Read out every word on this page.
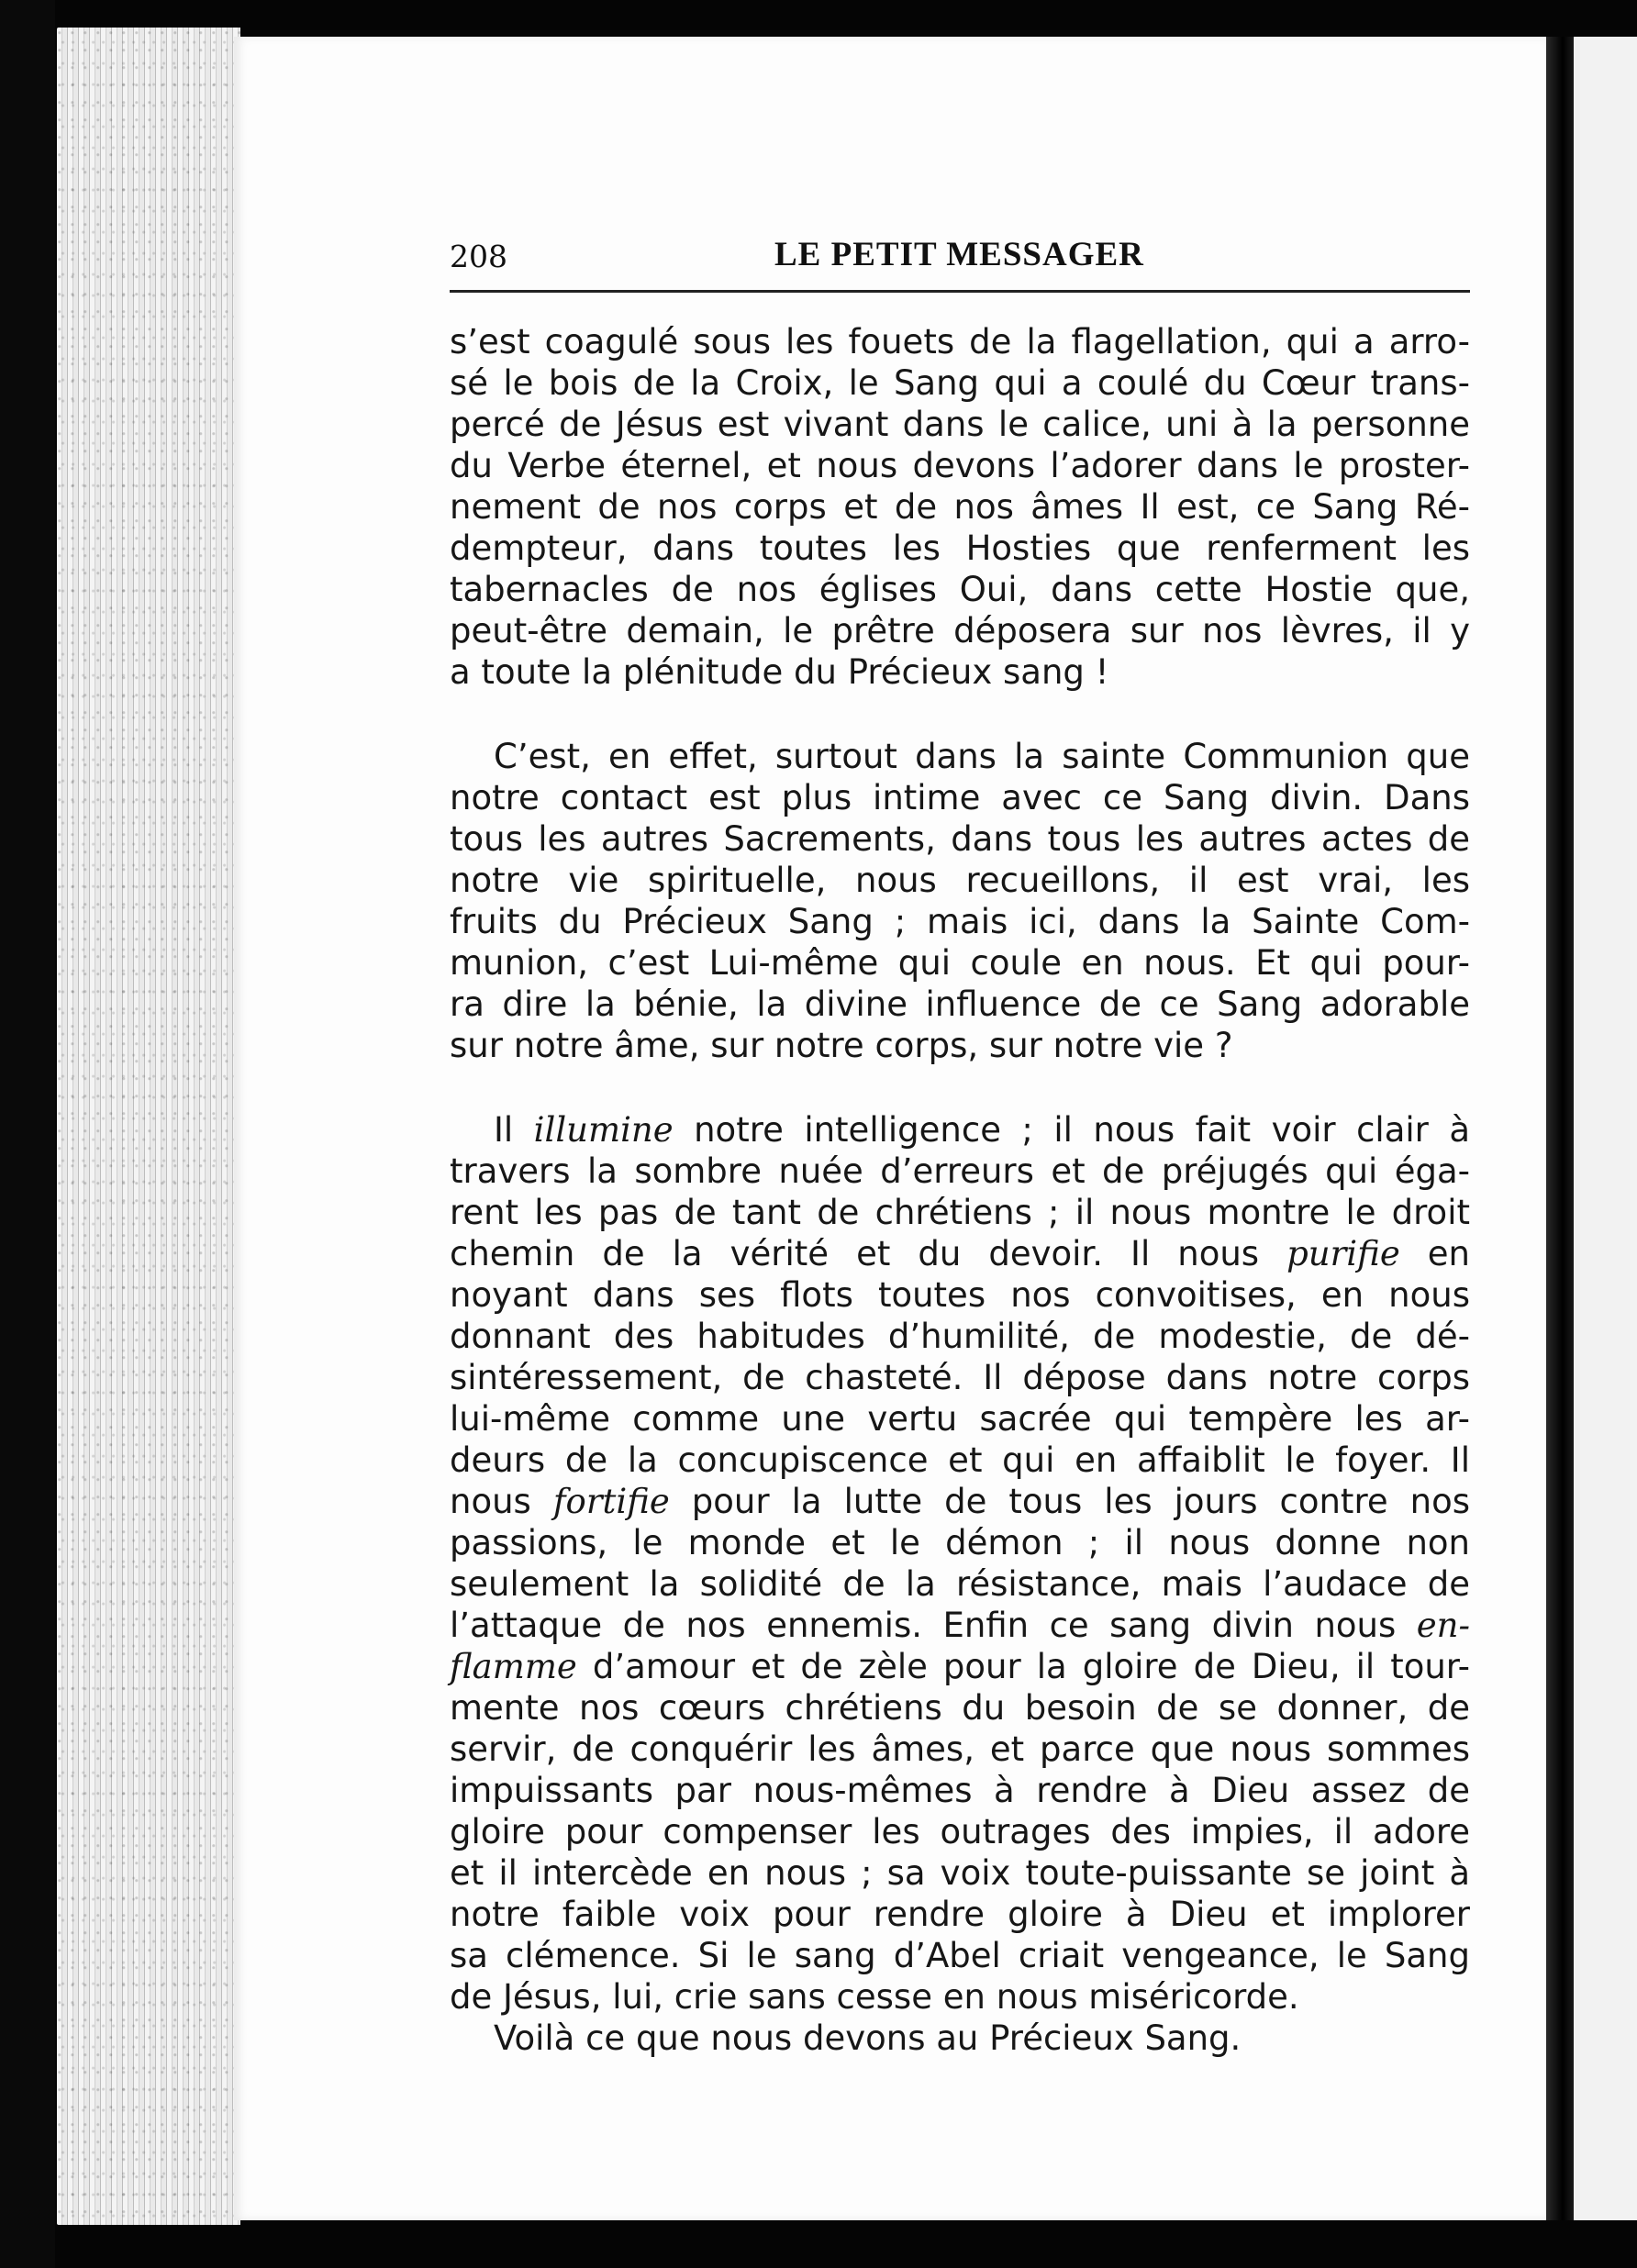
208	LE PETIT MESSAGER
s’est coagulé sous les fouets de la flagellation, qui a arro-
sé le bois de la Croix, le Sang qui a coulé du Cœur trans-
percé de Jésus est vivant dans le calice, uni à la personne
du Verbe éternel, et nous devons l’adorer dans le proster-
nement de nos corps et de nos âmes Il est, ce Sang Ré-
dempteur, dans toutes les Hosties que renferment les
tabernacles de nos églises Oui, dans cette Hostie que,
peut-être demain, le prêtre déposera sur nos lèvres, il y
a toute la plénitude du Précieux sang !
C’est, en effet, surtout dans la sainte Communion que
notre contact est plus intime avec ce Sang divin. Dans
tous les autres Sacrements, dans tous les autres actes de
notre vie spirituelle, nous recueillons, il est vrai, les
fruits du Précieux Sang ; mais ici, dans la Sainte Com-
munion, c’est Lui-même qui coule en nous. Et qui pour-
ra dire la bénie, la divine influence de ce Sang adorable
sur notre âme, sur notre corps, sur notre vie ?
Il illumine notre intelligence ; il nous fait voir clair à
travers la sombre nuée d’erreurs et de préjugés qui éga-
rent les pas de tant de chrétiens ; il nous montre le droit
chemin de la vérité et du devoir. Il nous purifie en
noyant dans ses flots toutes nos convoitises, en nous
donnant des habitudes d’humilité, de modestie, de dé-
sintéressement, de chasteté. Il dépose dans notre corps
lui-même comme une vertu sacrée qui tempère les ar-
deurs de la concupiscence et qui en affaiblit le foyer. Il
nous fortifie pour la lutte de tous les jours contre nos
passions, le monde et le démon ; il nous donne non
seulement la solidité de la résistance, mais l’audace de
l’attaque de nos ennemis. Enfin ce sang divin nous en-
flamme d’amour et de zèle pour la gloire de Dieu, il tour-
mente nos cœurs chrétiens du besoin de se donner, de
servir, de conquérir les âmes, et parce que nous sommes
impuissants par nous-mêmes à rendre à Dieu assez de
gloire pour compenser les outrages des impies, il adore
et il intercède en nous ; sa voix toute-puissante se joint à
notre faible voix pour rendre gloire à Dieu et implorer
sa clémence. Si le sang d’Abel criait vengeance, le Sang
de Jésus, lui, crie sans cesse en nous miséricorde.
Voilà ce que nous devons au Précieux Sang.
